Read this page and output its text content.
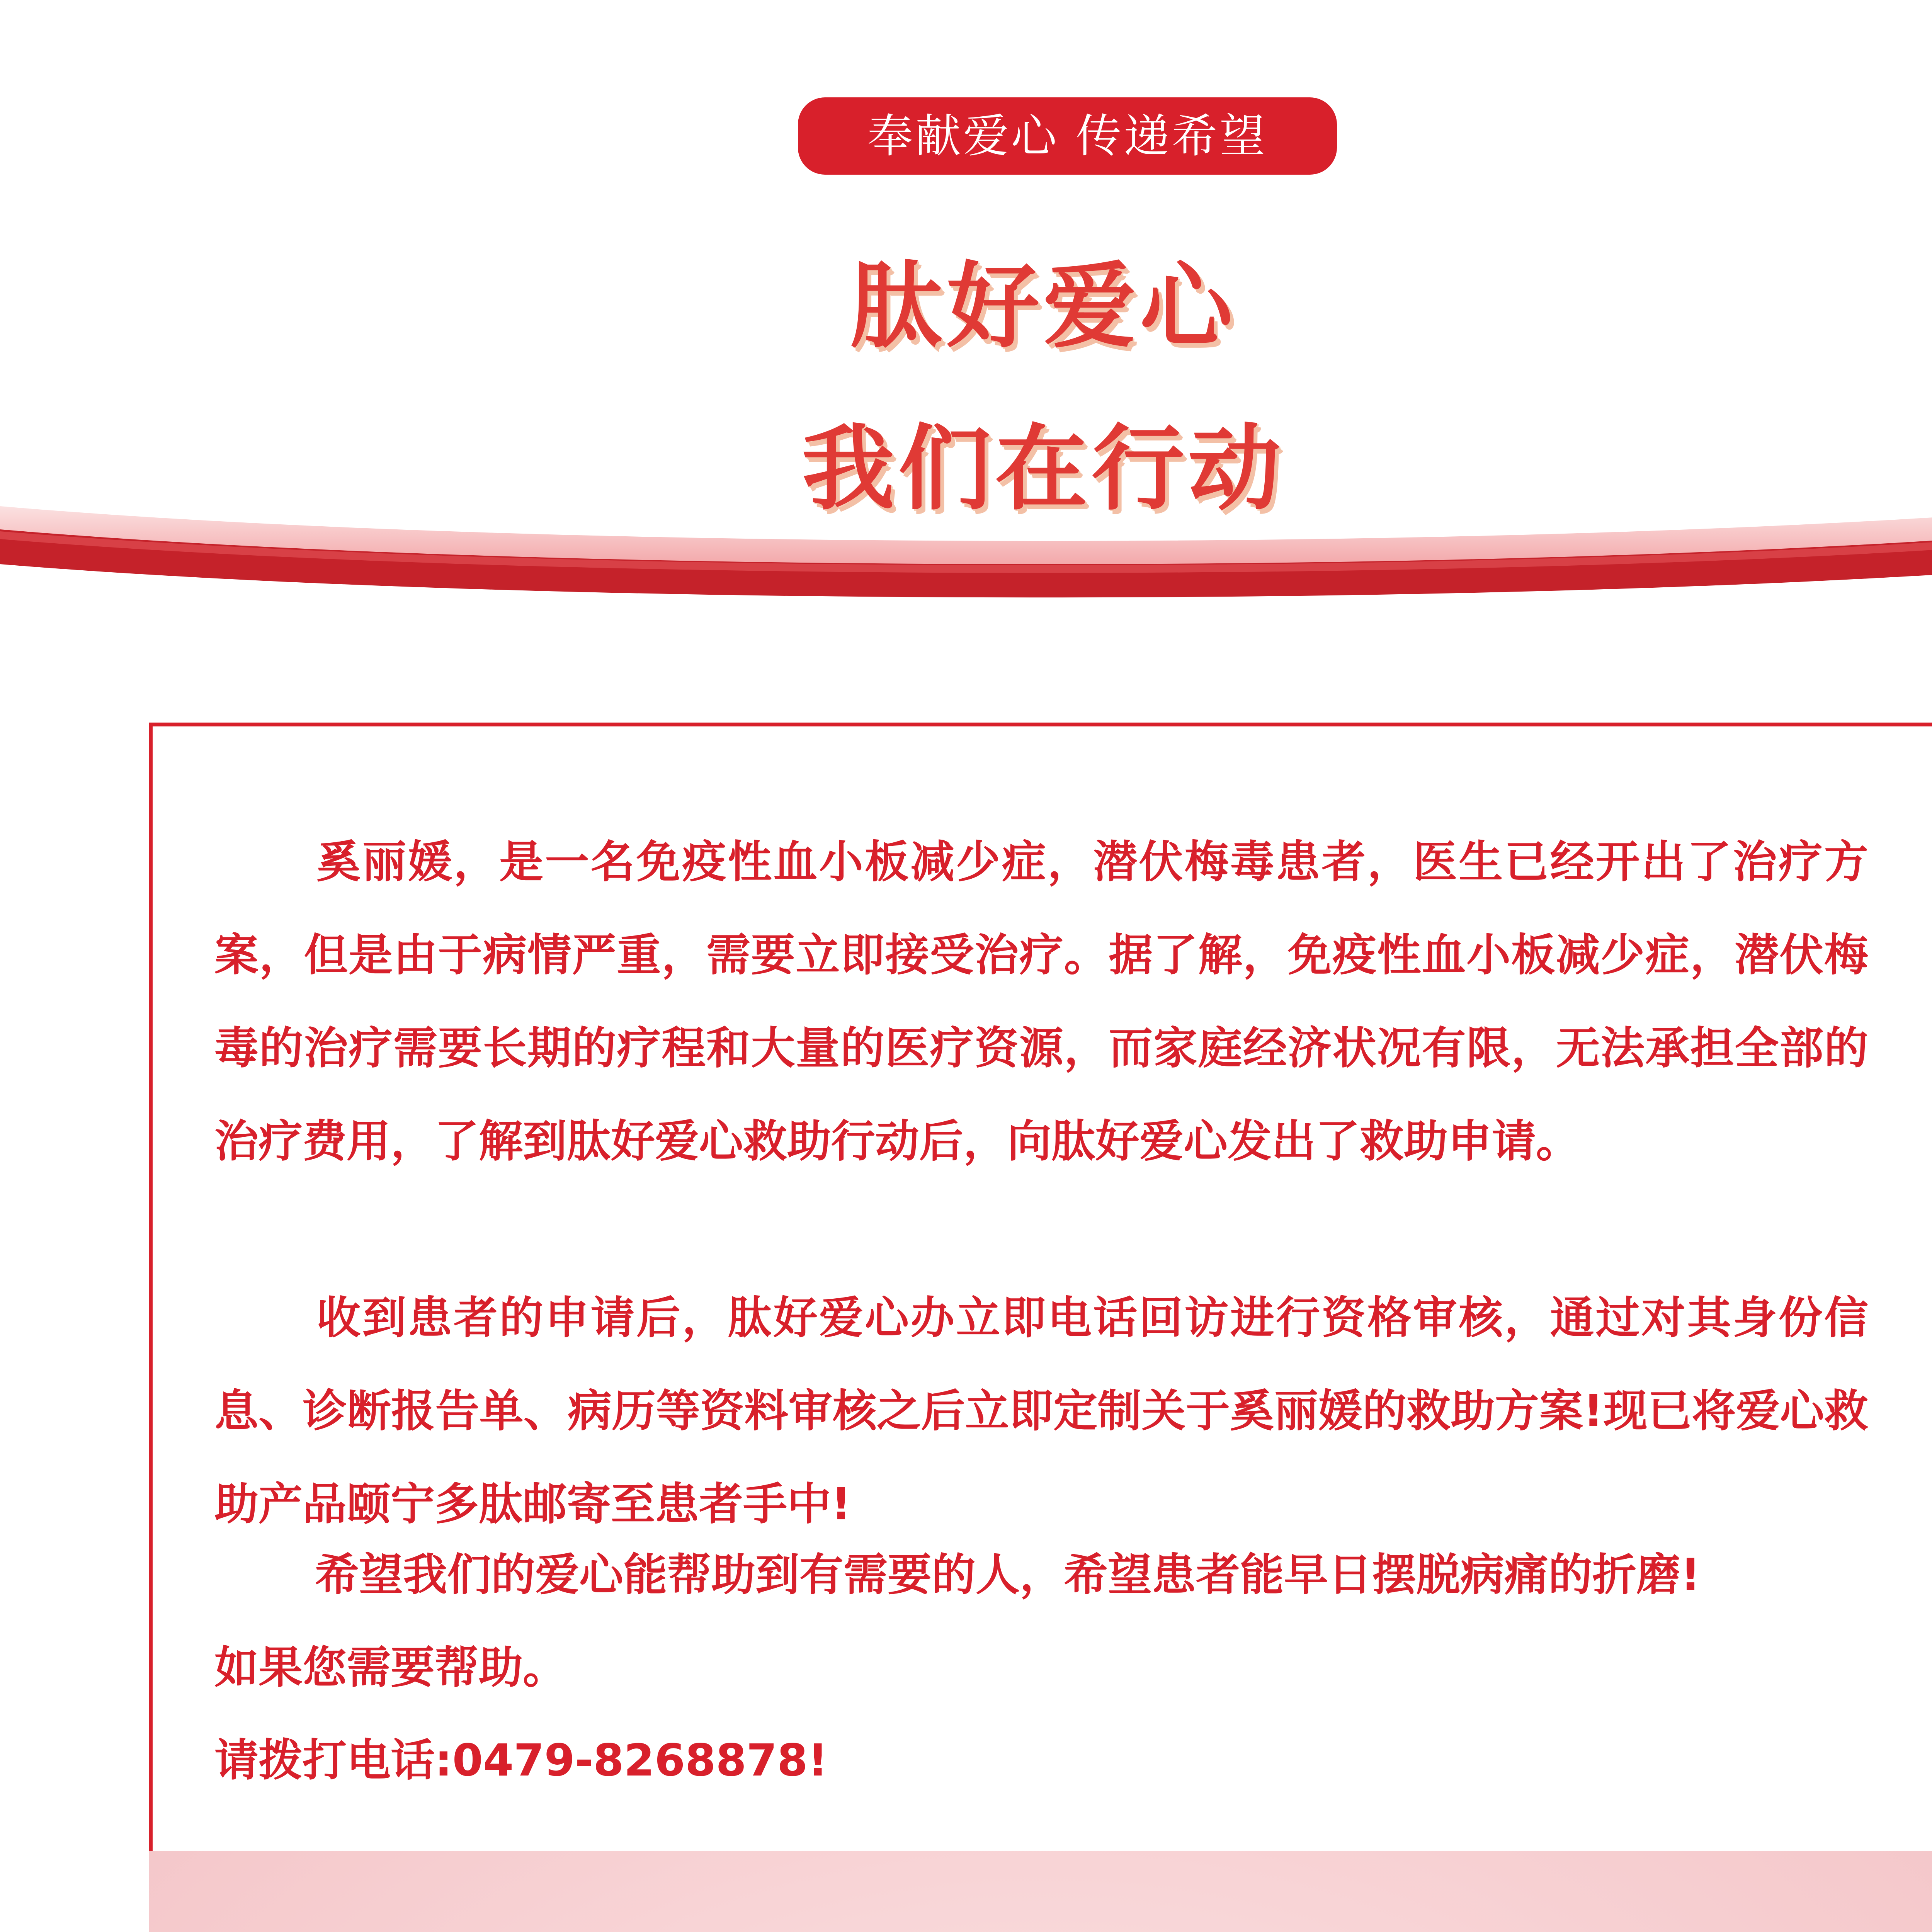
奉献爱心 传递希望
肽好爱心
我们在行动

奚丽媛，是一名免疫性血小板减少症，潜伏梅毒患者，医生已经开出了治疗方案，但是由于病情严重，需要立即接受治疗。据了解，免疫性血小板减少症，潜伏梅毒的治疗需要长期的疗程和大量的医疗资源，而家庭经济状况有限，无法承担全部的治疗费用，了解到肽好爱心救助行动后，向肽好爱心发出了救助申请。

收到患者的申请后，肽好爱心办立即电话回访进行资格审核，通过对其身份信息、诊断报告单、病历等资料审核之后立即定制关于奚丽媛的救助方案!现已将爱心救助产品颐宁多肽邮寄至患者手中!

希望我们的爱心能帮助到有需要的人，希望患者能早日摆脱病痛的折磨!

如果您需要帮助。

请拨打电话:0479-8268878!
